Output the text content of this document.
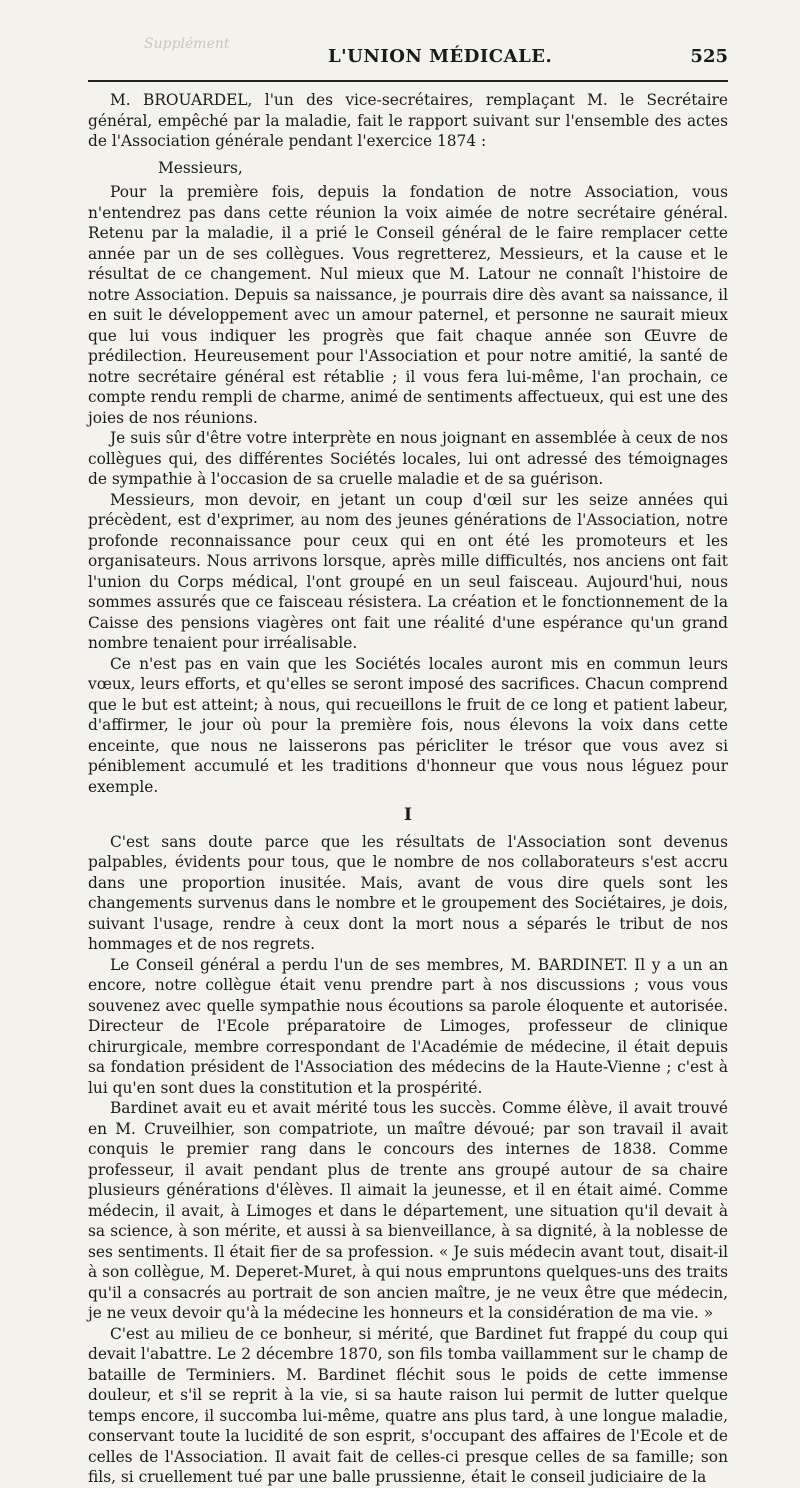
Supplément
L'UNION MÉDICALE.	525

M. BROUARDEL, l'un des vice-secrétaires, remplaçant M. le Secrétaire général, empêché par la maladie, fait le rapport suivant sur l'ensemble des actes de l'Association générale pendant l'exercice 1874 :

Messieurs,

Pour la première fois, depuis la fondation de notre Association, vous n'entendrez pas dans cette réunion la voix aimée de notre secrétaire général. Retenu par la maladie, il a prié le Conseil général de le faire remplacer cette année par un de ses collègues. Vous regretterez, Messieurs, et la cause et le résultat de ce changement. Nul mieux que M. Latour ne connaît l'histoire de notre Association. Depuis sa naissance, je pourrais dire dès avant sa naissance, il en suit le développement avec un amour paternel, et personne ne saurait mieux que lui vous indiquer les progrès que fait chaque année son Œuvre de prédilection. Heureusement pour l'Association et pour notre amitié, la santé de notre secrétaire général est rétablie ; il vous fera lui-même, l'an prochain, ce compte rendu rempli de charme, animé de sentiments affectueux, qui est une des joies de nos réunions.

Je suis sûr d'être votre interprète en nous joignant en assemblée à ceux de nos collègues qui, des différentes Sociétés locales, lui ont adressé des témoignages de sympathie à l'occasion de sa cruelle maladie et de sa guérison.

Messieurs, mon devoir, en jetant un coup d'œil sur les seize années qui précèdent, est d'exprimer, au nom des jeunes générations de l'Association, notre profonde reconnaissance pour ceux qui en ont été les promoteurs et les organisateurs. Nous arrivons lorsque, après mille difficultés, nos anciens ont fait l'union du Corps médical, l'ont groupé en un seul faisceau. Aujourd'hui, nous sommes assurés que ce faisceau résistera. La création et le fonctionnement de la Caisse des pensions viagères ont fait une réalité d'une espérance qu'un grand nombre tenaient pour irréalisable.

Ce n'est pas en vain que les Sociétés locales auront mis en commun leurs vœux, leurs efforts, et qu'elles se seront imposé des sacrifices. Chacun comprend que le but est atteint; à nous, qui recueillons le fruit de ce long et patient labeur, d'affirmer, le jour où pour la première fois, nous élevons la voix dans cette enceinte, que nous ne laisserons pas péricliter le trésor que vous avez si péniblement accumulé et les traditions d'honneur que vous nous léguez pour exemple.

I

C'est sans doute parce que les résultats de l'Association sont devenus palpables, évidents pour tous, que le nombre de nos collaborateurs s'est accru dans une proportion inusitée. Mais, avant de vous dire quels sont les changements survenus dans le nombre et le groupement des Sociétaires, je dois, suivant l'usage, rendre à ceux dont la mort nous a séparés le tribut de nos hommages et de nos regrets.

Le Conseil général a perdu l'un de ses membres, M. BARDINET. Il y a un an encore, notre collègue était venu prendre part à nos discussions ; vous vous souvenez avec quelle sympathie nous écoutions sa parole éloquente et autorisée. Directeur de l'Ecole préparatoire de Limoges, professeur de clinique chirurgicale, membre correspondant de l'Académie de médecine, il était depuis sa fondation président de l'Association des médecins de la Haute-Vienne ; c'est à lui qu'en sont dues la constitution et la prospérité.

Bardinet avait eu et avait mérité tous les succès. Comme élève, il avait trouvé en M. Cruveilhier, son compatriote, un maître dévoué; par son travail il avait conquis le premier rang dans le concours des internes de 1838. Comme professeur, il avait pendant plus de trente ans groupé autour de sa chaire plusieurs générations d'élèves. Il aimait la jeunesse, et il en était aimé. Comme médecin, il avait, à Limoges et dans le département, une situation qu'il devait à sa science, à son mérite, et aussi à sa bienveillance, à sa dignité, à la noblesse de ses sentiments. Il était fier de sa profession. « Je suis médecin avant tout, disait-il à son collègue, M. Deperet-Muret, à qui nous empruntons quelques-uns des traits qu'il a consacrés au portrait de son ancien maître, je ne veux être que médecin, je ne veux devoir qu'à la médecine les honneurs et la considération de ma vie. »

C'est au milieu de ce bonheur, si mérité, que Bardinet fut frappé du coup qui devait l'abattre. Le 2 décembre 1870, son fils tomba vaillamment sur le champ de bataille de Terminiers. M. Bardinet fléchit sous le poids de cette immense douleur, et s'il se reprit à la vie, si sa haute raison lui permit de lutter quelque temps encore, il succomba lui-même, quatre ans plus tard, à une longue maladie, conservant toute la lucidité de son esprit, s'occupant des affaires de l'Ecole et de celles de l'Association. Il avait fait de celles-ci presque celles de sa famille; son fils, si cruellement tué par une balle prussienne, était le conseil judiciaire de la
